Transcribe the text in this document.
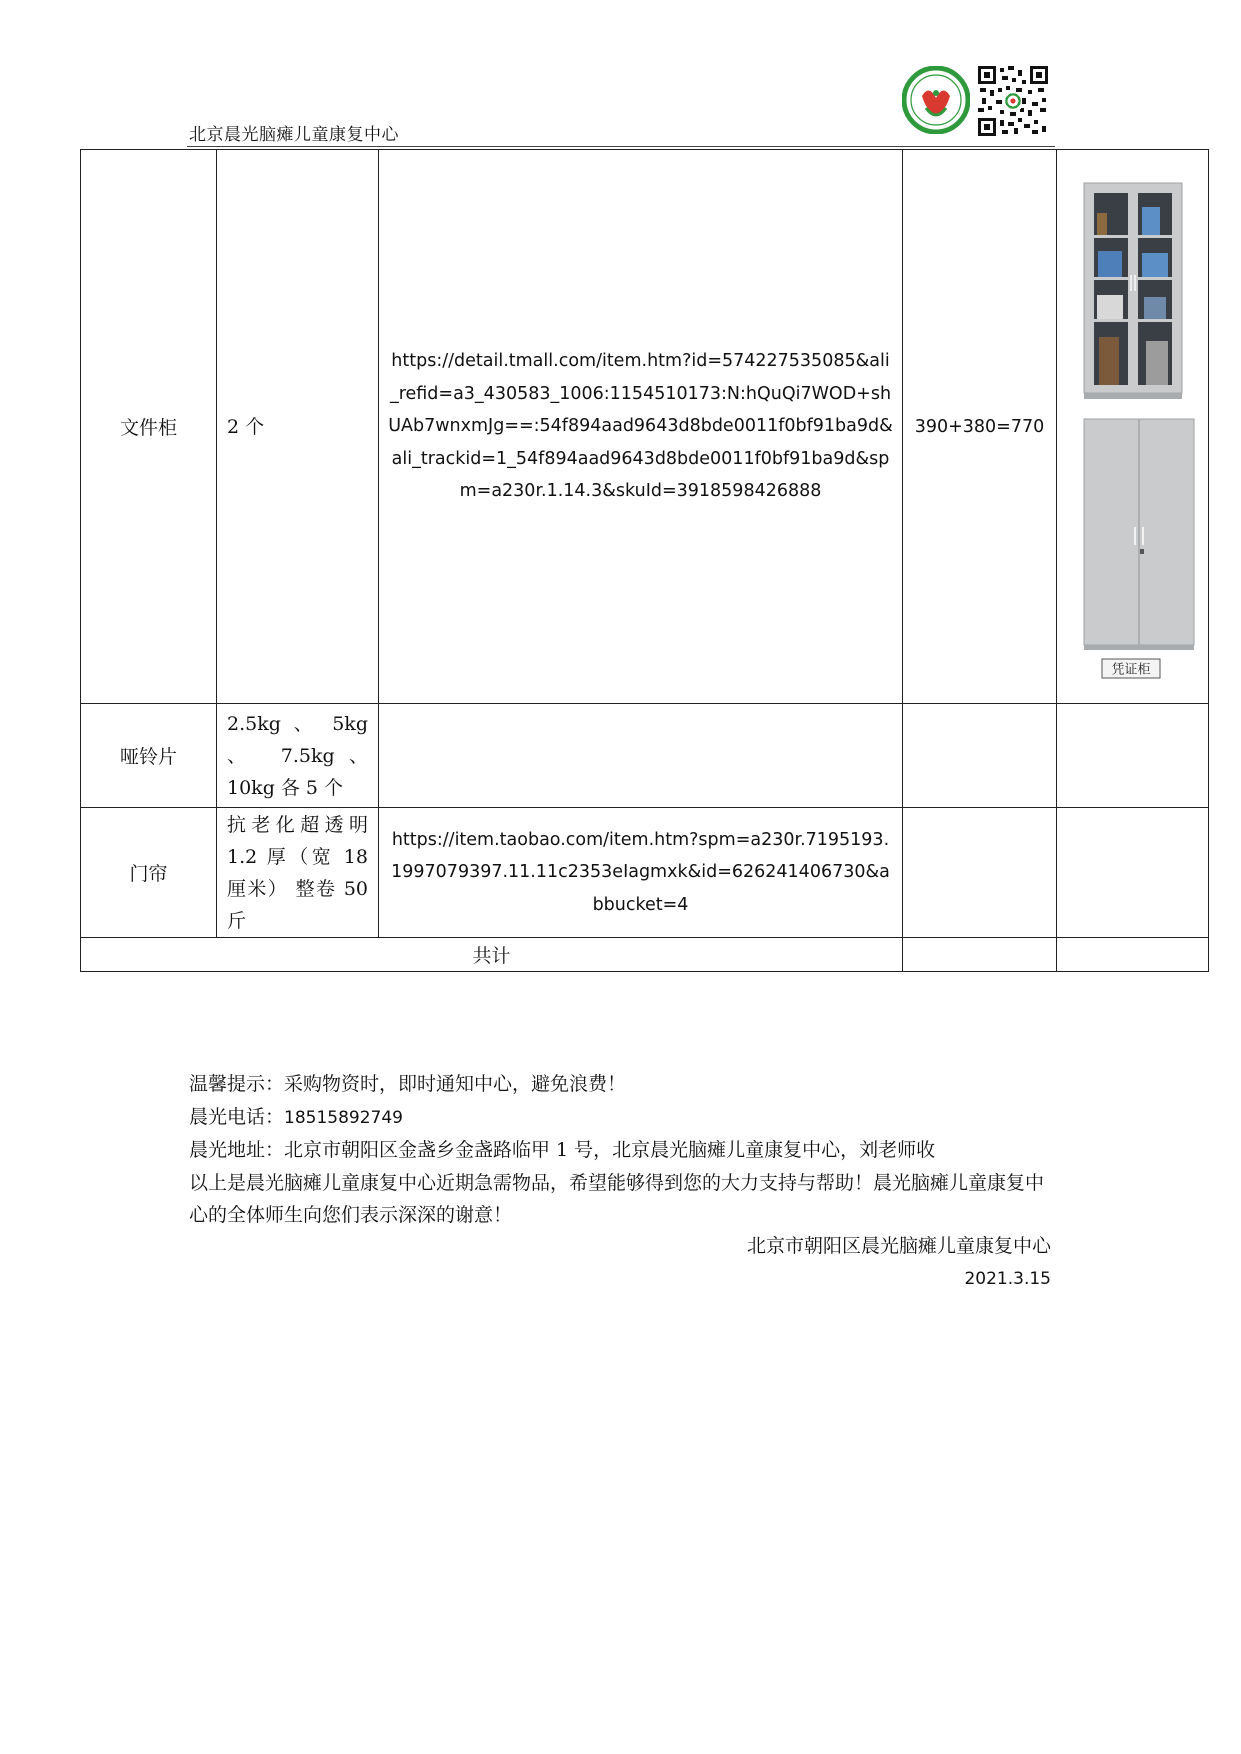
北京晨光脑瘫儿童康复中心
文件柜	2 个	https://detail.tmall.com/item.htm?id=574227535085&ali_refid=a3_430583_1006:1154510173:N:hQuQi7WOD+shUAb7wnxmJg==:54f894aad9643d8bde0011f0bf91ba9d&ali_trackid=1_54f894aad9643d8bde0011f0bf91ba9d&spm=a230r.1.14.3&skuId=3918598426888	390+380=770	凭证柜

哑铃片	2.5kg 、 5kg 、 7.5kg、10kg 各 5 个			
门帘	抗老化超透明 1.2 厚（宽 18 厘米） 整卷 50 斤	https://item.taobao.com/item.htm?spm=a230r.7195193.1997079397.11.11c2353eIagmxk&id=626241406730&abbucket=4		
共计				

温馨提示：采购物资时，即时通知中心，避免浪费！

晨光电话：18515892749

晨光地址：北京市朝阳区金盏乡金盏路临甲 1 号，北京晨光脑瘫儿童康复中心，刘老师收

以上是晨光脑瘫儿童康复中心近期急需物品，希望能够得到您的大力支持与帮助！晨光脑瘫儿童康复中心的全体师生向您们表示深深的谢意！

北京市朝阳区晨光脑瘫儿童康复中心
2021.3.15
